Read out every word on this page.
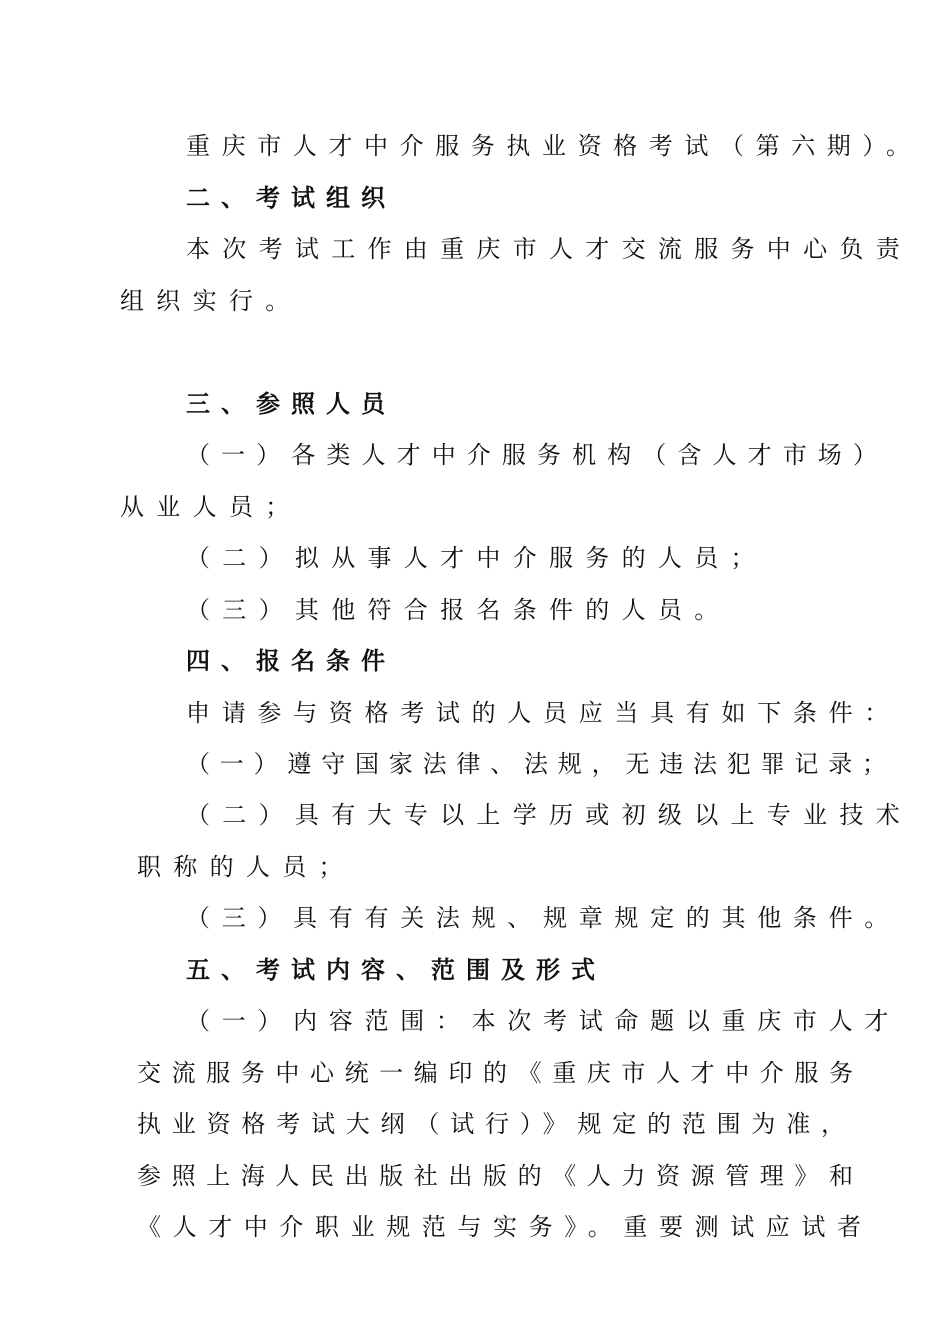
重庆市人才中介服务执业资格考试（第六期）。
二、考试组织
本次考试工作由重庆市人才交流服务中心负责
组织实行。
三、参照人员
（一）各类人才中介服务机构（含人才市场）
从业人员；
（二）拟从事人才中介服务的人员；
（三）其他符合报名条件的人员。
四、报名条件
申请参与资格考试的人员应当具有如下条件：
（一）遵守国家法律、法规，无违法犯罪记录；
（二）具有大专以上学历或初级以上专业技术
职称的人员；
（三）具有有关法规、规章规定的其他条件。
五、考试内容、范围及形式
（一）内容范围：本次考试命题以重庆市人才
交流服务中心统一编印的《重庆市人才中介服务
执业资格考试大纲（试行）》规定的范围为准，
参照上海人民出版社出版的《人力资源管理》和
《人才中介职业规范与实务》。重要测试应试者
